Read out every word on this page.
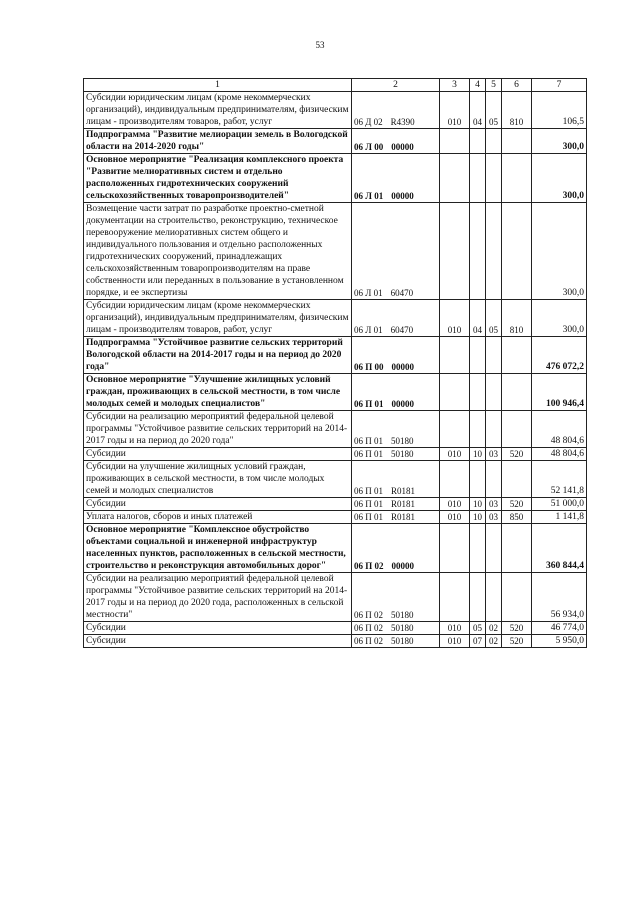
53
1	2	3	4	5	6	7
Субсидии юридическим лицам (кроме некоммерческих организаций), индивидуальным предпринимателям, физическим лицам - производителям товаров, работ, услуг	06 Д 02 R4390	010	04	05	810	106,5
Подпрограмма "Развитие мелиорации земель в Вологодской области на 2014-2020 годы"	06 Л 00 00000					300,0
Основное мероприятие "Реализация комплексного проекта "Развитие мелиоративных систем и отдельно расположенных гидротехнических сооружений сельскохозяйственных товаропроизводителей"	06 Л 01 00000					300,0
Возмещение части затрат по разработке проектно-сметной документации на строительство, реконструкцию, техническое перевооружение мелиоративных систем общего и индивидуального пользования и отдельно расположенных гидротехнических сооружений, принадлежащих сельскохозяйственным товаропроизводителям на праве собственности или переданных в пользование в установленном порядке, и ее экспертизы	06 Л 01 60470					300,0
Субсидии юридическим лицам (кроме некоммерческих организаций), индивидуальным предпринимателям, физическим лицам - производителям товаров, работ, услуг	06 Л 01 60470	010	04	05	810	300,0
Подпрограмма "Устойчивое развитие сельских территорий Вологодской области на 2014-2017 годы и на период до 2020 года"	06 П 00 00000					476 072,2
Основное мероприятие "Улучшение жилищных условий граждан, проживающих в сельской местности, в том числе молодых семей и молодых специалистов"	06 П 01 00000					100 946,4
Субсидии на реализацию мероприятий федеральной целевой программы "Устойчивое развитие сельских территорий на 2014-2017 годы и на период до 2020 года"	06 П 01 50180					48 804,6
Субсидии	06 П 01 50180	010	10	03	520	48 804,6
Субсидии на улучшение жилищных условий граждан, проживающих в сельской местности, в том числе молодых семей и молодых специалистов	06 П 01 R0181					52 141,8
Субсидии	06 П 01 R0181	010	10	03	520	51 000,0
Уплата налогов, сборов и иных платежей	06 П 01 R0181	010	10	03	850	1 141,8
Основное мероприятие "Комплексное обустройство объектами социальной и инженерной инфраструктур населенных пунктов, расположенных в сельской местности, строительство и реконструкция автомобильных дорог"	06 П 02 00000					360 844,4
Субсидии на реализацию мероприятий федеральной целевой программы "Устойчивое развитие сельских территорий на 2014-2017 годы и на период до 2020 года, расположенных в сельской местности"	06 П 02 50180					56 934,0
Субсидии	06 П 02 50180	010	05	02	520	46 774,0
Субсидии	06 П 02 50180	010	07	02	520	5 950,0
